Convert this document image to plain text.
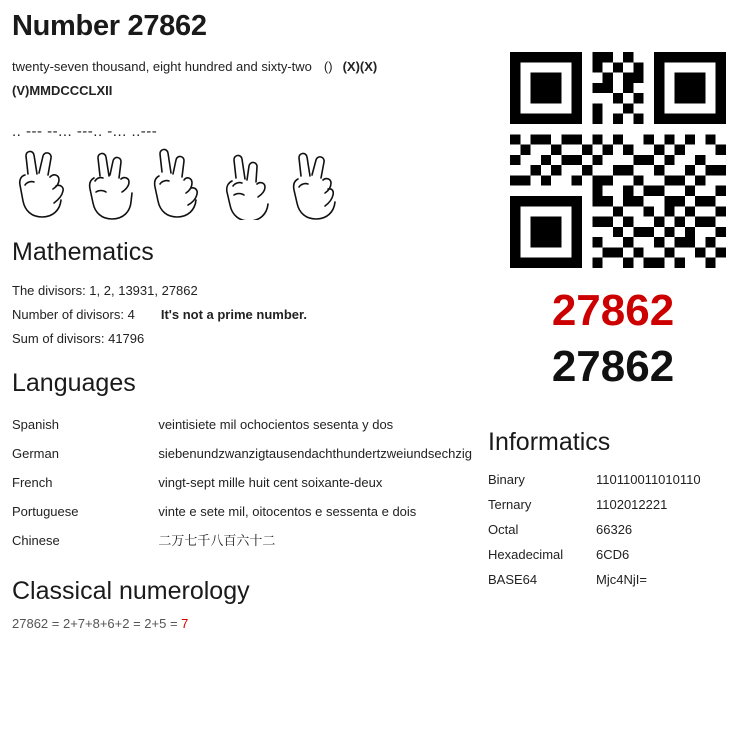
Number 27862
twenty-seven thousand, eight hundred and sixty-two () (X)(X)
(V)MMDCCCLXII
.. --- --... ---.. -... ..---
Mathematics
The divisors: 1, 2, 13931, 27862
Number of divisors: 4 It's not a prime number.
Sum of divisors: 41796
Languages
Spanish	veintisiete mil ochocientos sesenta y dos
German	siebenundzwanzigtausendachthundertzweiundsechzig
French	vingt-sept mille huit cent soixante-deux
Portuguese	vinte e sete mil, oitocentos e sessenta e dois
Chinese	二万七千八百六十二
Classical numerology
27862 = 2+7+8+6+2 = 2+5 = 7
27862
27862
Informatics
Binary	110110011010110
Ternary	1102012221
Octal	66326
Hexadecimal	6CD6
BASE64	Mjc4NjI=
